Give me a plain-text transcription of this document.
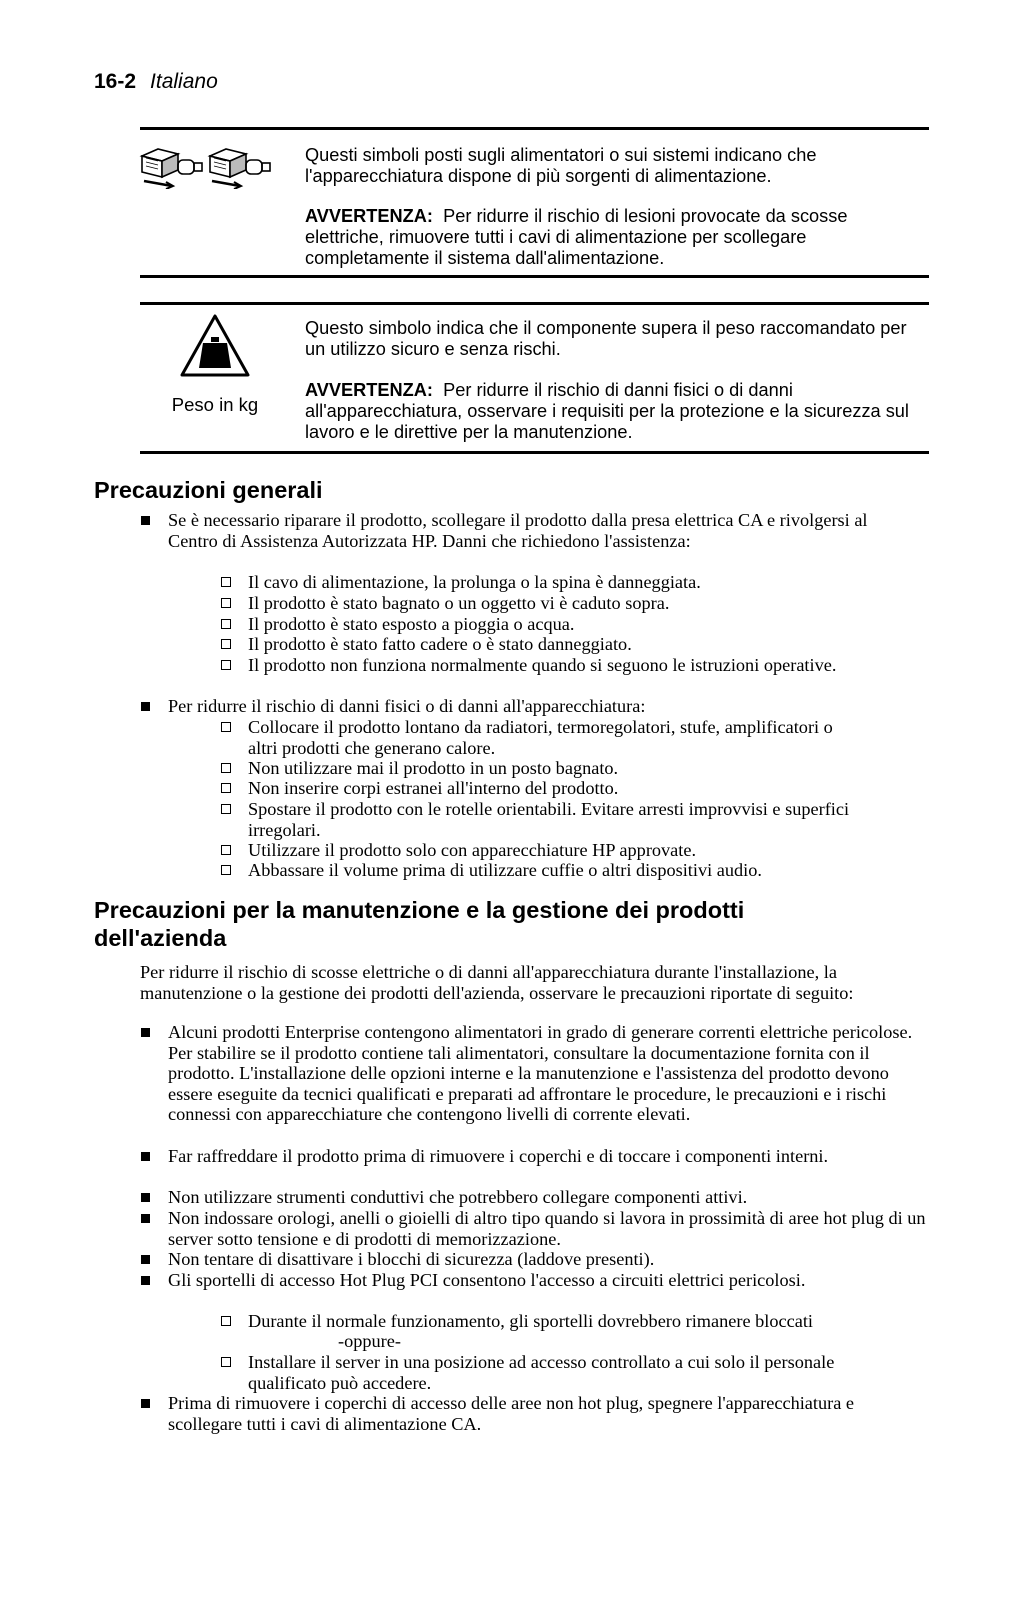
16-2 Italiano
Questi simboli posti sugli alimentatori o sui sistemi indicano che l'apparecchiatura dispone di più sorgenti di alimentazione.
AVVERTENZA: Per ridurre il rischio di lesioni provocate da scosse elettriche, rimuovere tutti i cavi di alimentazione per scollegare completamente il sistema dall'alimentazione.
Peso in kg
Questo simbolo indica che il componente supera il peso raccomandato per un utilizzo sicuro e senza rischi.
AVVERTENZA: Per ridurre il rischio di danni fisici o di danni all'apparecchiatura, osservare i requisiti per la protezione e la sicurezza sul lavoro e le direttive per la manutenzione.
Precauzioni generali
Se è necessario riparare il prodotto, scollegare il prodotto dalla presa elettrica CA e rivolgersi al Centro di Assistenza Autorizzata HP. Danni che richiedono l'assistenza:
Il cavo di alimentazione, la prolunga o la spina è danneggiata.
Il prodotto è stato bagnato o un oggetto vi è caduto sopra.
Il prodotto è stato esposto a pioggia o acqua.
Il prodotto è stato fatto cadere o è stato danneggiato.
Il prodotto non funziona normalmente quando si seguono le istruzioni operative.
Per ridurre il rischio di danni fisici o di danni all'apparecchiatura:
Collocare il prodotto lontano da radiatori, termoregolatori, stufe, amplificatori o altri prodotti che generano calore.
Non utilizzare mai il prodotto in un posto bagnato.
Non inserire corpi estranei all'interno del prodotto.
Spostare il prodotto con le rotelle orientabili. Evitare arresti improvvisi e superfici irregolari.
Utilizzare il prodotto solo con apparecchiature HP approvate.
Abbassare il volume prima di utilizzare cuffie o altri dispositivi audio.
Precauzioni per la manutenzione e la gestione dei prodotti dell'azienda
Per ridurre il rischio di scosse elettriche o di danni all'apparecchiatura durante l'installazione, la manutenzione o la gestione dei prodotti dell'azienda, osservare le precauzioni riportate di seguito:
Alcuni prodotti Enterprise contengono alimentatori in grado di generare correnti elettriche pericolose. Per stabilire se il prodotto contiene tali alimentatori, consultare la documentazione fornita con il prodotto. L'installazione delle opzioni interne e la manutenzione e l'assistenza del prodotto devono essere eseguite da tecnici qualificati e preparati ad affrontare le procedure, le precauzioni e i rischi connessi con apparecchiature che contengono livelli di corrente elevati.
Far raffreddare il prodotto prima di rimuovere i coperchi e di toccare i componenti interni.
Non utilizzare strumenti conduttivi che potrebbero collegare componenti attivi.
Non indossare orologi, anelli o gioielli di altro tipo quando si lavora in prossimità di aree hot plug di un server sotto tensione e di prodotti di memorizzazione.
Non tentare di disattivare i blocchi di sicurezza (laddove presenti).
Gli sportelli di accesso Hot Plug PCI consentono l'accesso a circuiti elettrici pericolosi.
Durante il normale funzionamento, gli sportelli dovrebbero rimanere bloccati
-oppure-
Installare il server in una posizione ad accesso controllato a cui solo il personale qualificato può accedere.
Prima di rimuovere i coperchi di accesso delle aree non hot plug, spegnere l'apparecchiatura e scollegare tutti i cavi di alimentazione CA.
